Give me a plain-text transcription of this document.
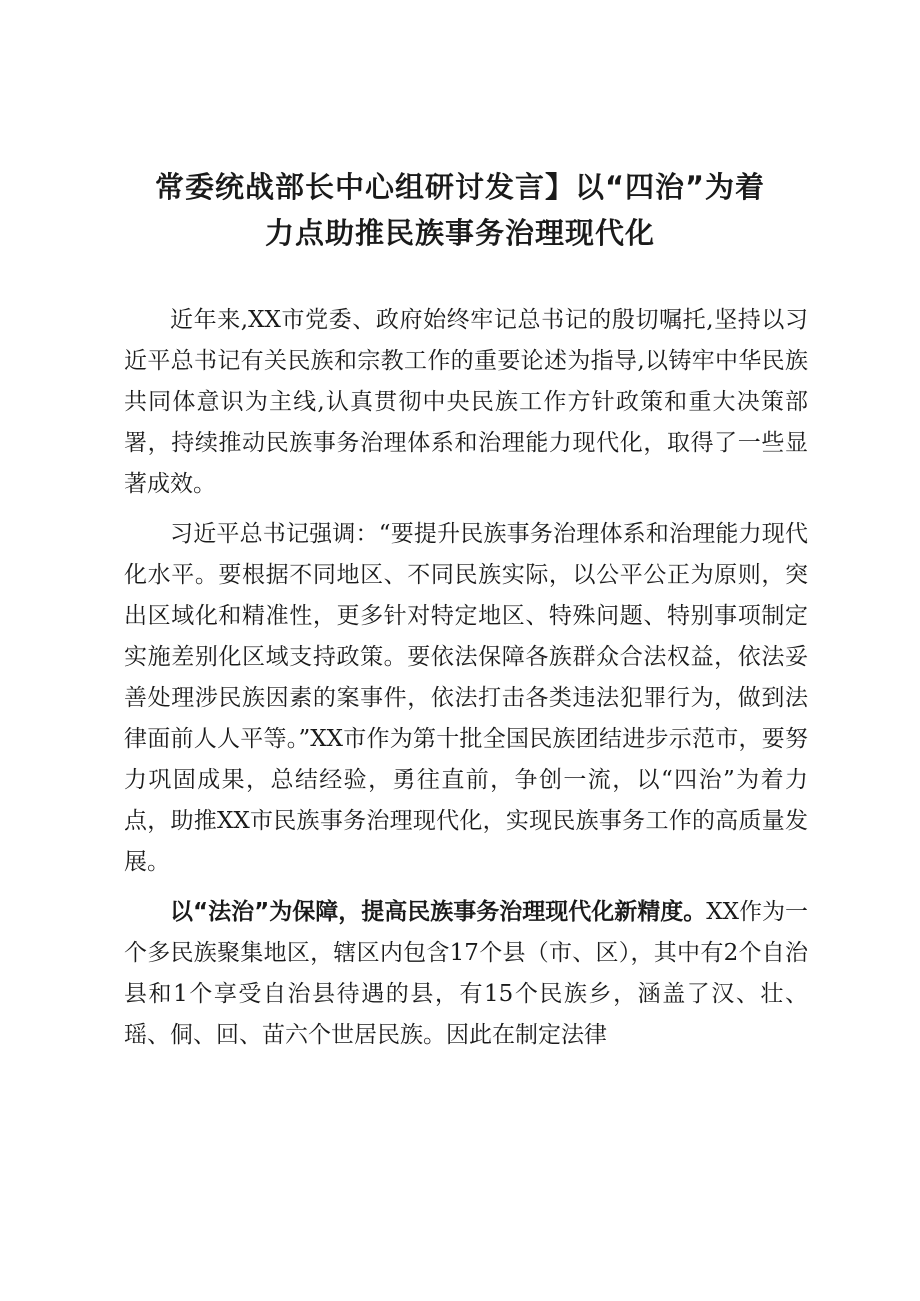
常委统战部长中心组研讨发言】以“四治”为着
力点助推民族事务治理现代化

近年来,XX市党委、政府始终牢记总书记的殷切嘱托,坚持以习近平总书记有关民族和宗教工作的重要论述为指导,以铸牢中华民族共同体意识为主线,认真贯彻中央民族工作方针政策和重大决策部署，持续推动民族事务治理体系和治理能力现代化，取得了一些显著成效。

习近平总书记强调：“要提升民族事务治理体系和治理能力现代化水平。要根据不同地区、不同民族实际，以公平公正为原则，突出区域化和精准性，更多针对特定地区、特殊问题、特别事项制定实施差别化区域支持政策。要依法保障各族群众合法权益，依法妥善处理涉民族因素的案事件，依法打击各类违法犯罪行为，做到法律面前人人平等。”XX市作为第十批全国民族团结进步示范市，要努力巩固成果，总结经验，勇往直前，争创一流，以“四治”为着力点，助推XX市民族事务治理现代化，实现民族事务工作的高质量发展。

以“法治”为保障，提高民族事务治理现代化新精度。XX作为一个多民族聚集地区，辖区内包含17个县（市、区），其中有2个自治县和1个享受自治县待遇的县，有15个民族乡，涵盖了汉、壮、瑶、侗、回、苗六个世居民族。因此在制定法律
